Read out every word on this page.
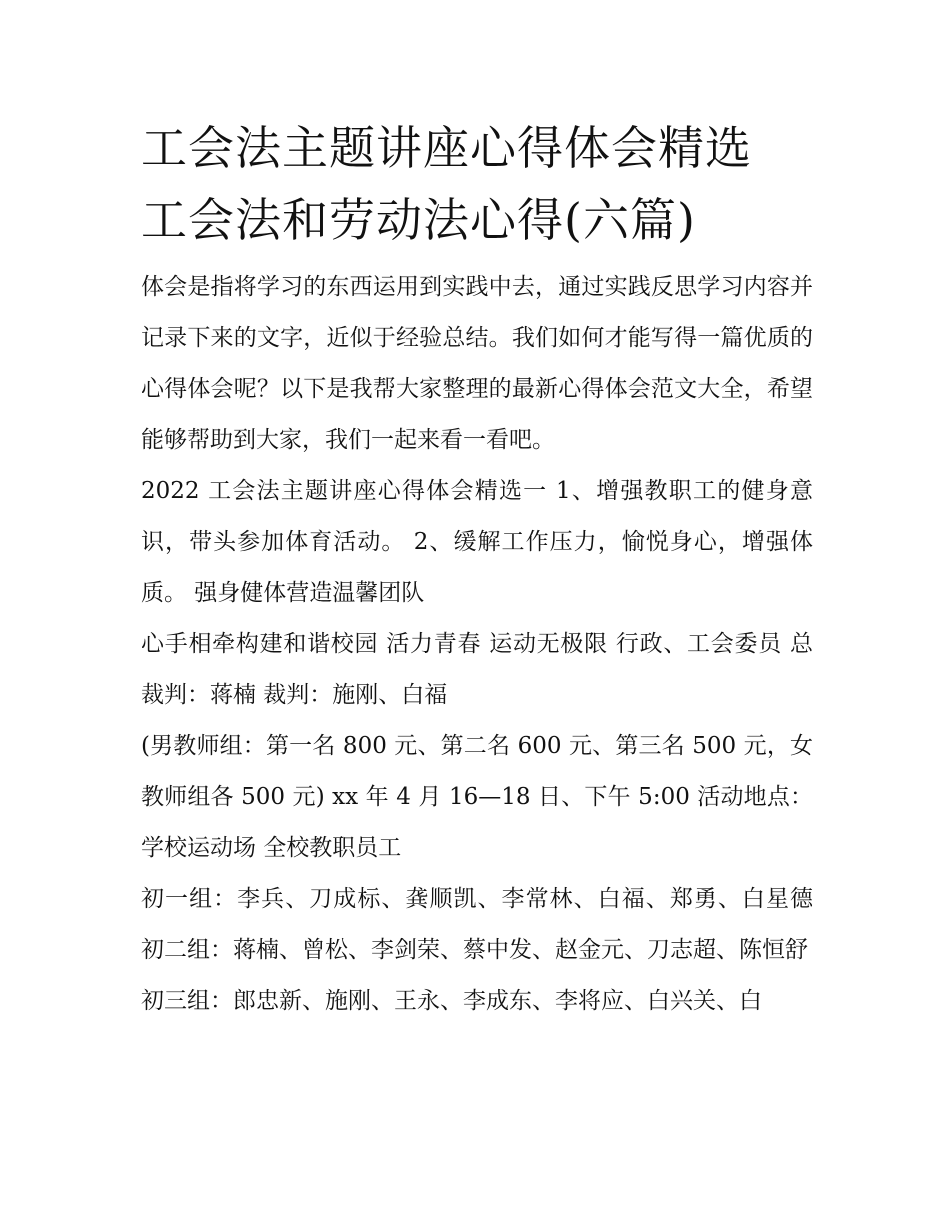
工会法主题讲座心得体会精选
工会法和劳动法心得(六篇)

体会是指将学习的东西运用到实践中去，通过实践反思学习内容并记录下来的文字，近似于经验总结。我们如何才能写得一篇优质的心得体会呢？以下是我帮大家整理的最新心得体会范文大全，希望能够帮助到大家，我们一起来看一看吧。

2022 工会法主题讲座心得体会精选一 1、增强教职工的健身意识，带头参加体育活动。 2、缓解工作压力，愉悦身心，增强体质。 强身健体营造温馨团队

心手相牵构建和谐校园 活力青春 运动无极限 行政、工会委员 总裁判：蒋楠 裁判：施刚、白福

(男教师组：第一名 800 元、第二名 600 元、第三名 500 元，女教师组各 500 元) xx 年 4 月 16—18 日、下午 5:00 活动地点：学校运动场 全校教职员工

初一组：李兵、刀成标、龚顺凯、李常林、白福、郑勇、白星德 初二组：蒋楠、曾松、李剑荣、蔡中发、赵金元、刀志超、陈恒舒

初三组：郎忠新、施刚、王永、李成东、李将应、白兴关、白
